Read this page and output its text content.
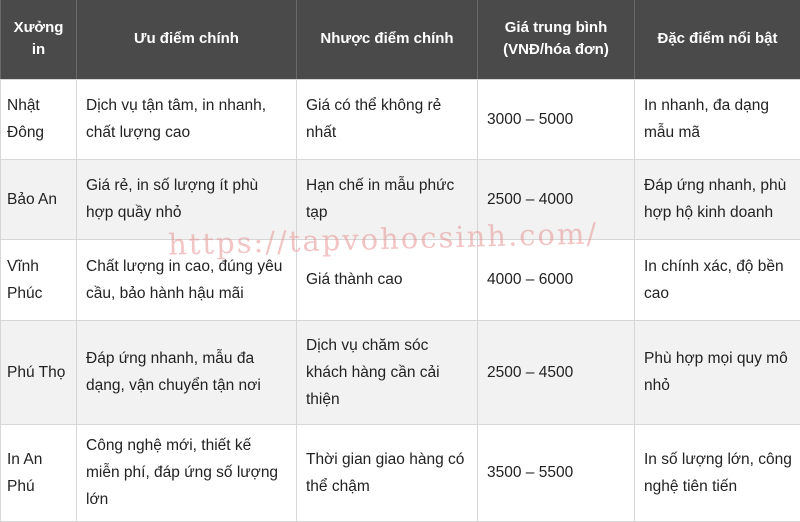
Xưởng in	Ưu điểm chính	Nhược điểm chính	Giá trung bình (VNĐ/hóa đơn)	Đặc điểm nổi bật
Nhật Đông	Dịch vụ tận tâm, in nhanh, chất lượng cao	Giá có thể không rẻ nhất	3000 – 5000	In nhanh, đa dạng mẫu mã
Bảo An	Giá rẻ, in số lượng ít phù hợp quầy nhỏ	Hạn chế in mẫu phức tạp	2500 – 4000	Đáp ứng nhanh, phù hợp hộ kinh doanh
Vĩnh Phúc	Chất lượng in cao, đúng yêu cầu, bảo hành hậu mãi	Giá thành cao	4000 – 6000	In chính xác, độ bền cao
Phú Thọ	Đáp ứng nhanh, mẫu đa dạng, vận chuyển tận nơi	Dịch vụ chăm sóc khách hàng cần cải thiện	2500 – 4500	Phù hợp mọi quy mô nhỏ
In An Phú	Công nghệ mới, thiết kế miễn phí, đáp ứng số lượng lớn	Thời gian giao hàng có thể chậm	3500 – 5500	In số lượng lớn, công nghệ tiên tiến
https://tapvohocsinh.com/
